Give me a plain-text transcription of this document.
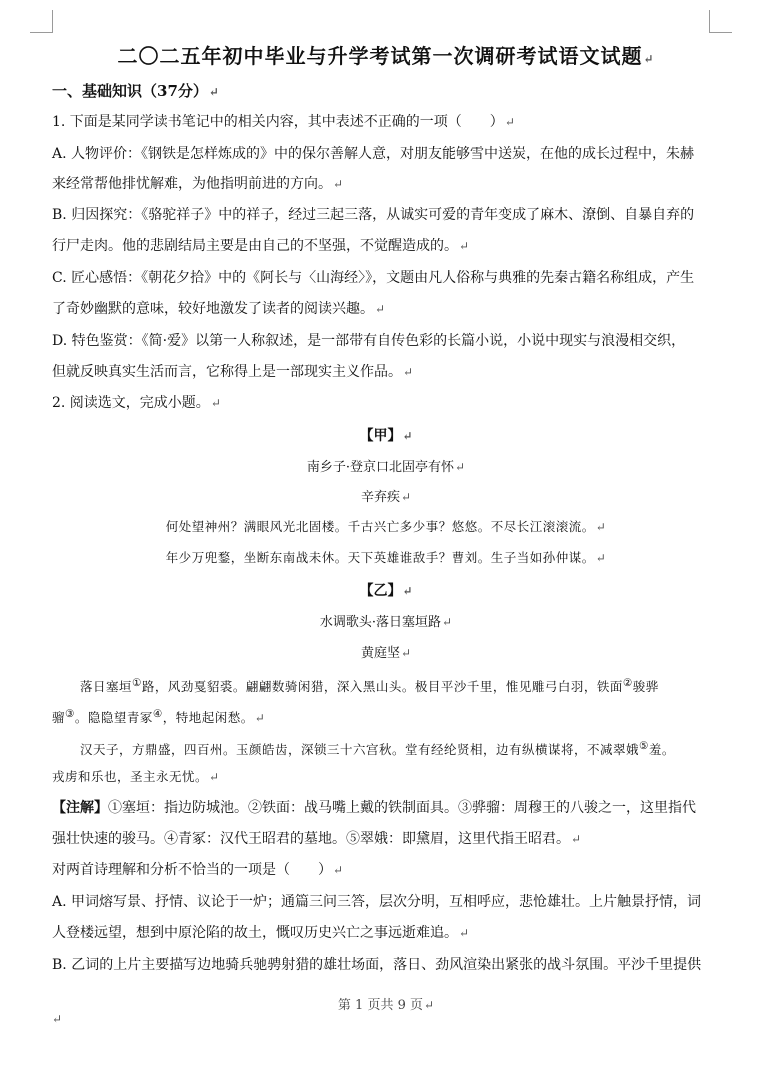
二〇二五年初中毕业与升学考试第一次调研考试语文试题↵
一、基础知识（37分）↵
1. 下面是某同学读书笔记中的相关内容，其中表述不正确的一项（　　）↵
A. 人物评价：《钢铁是怎样炼成的》中的保尔善解人意，对朋友能够雪中送炭，在他的成长过程中，朱赫
来经常帮他排忧解难，为他指明前进的方向。↵
B. 归因探究：《骆驼祥子》中的祥子，经过三起三落，从诚实可爱的青年变成了麻木、潦倒、自暴自弃的
行尸走肉。他的悲剧结局主要是由自己的不坚强，不觉醒造成的。↵
C. 匠心感悟：《朝花夕拾》中的《阿长与〈山海经〉》，文题由凡人俗称与典雅的先秦古籍名称组成，产生
了奇妙幽默的意味，较好地激发了读者的阅读兴趣。↵
D. 特色鉴赏：《简·爱》以第一人称叙述，是一部带有自传色彩的长篇小说，小说中现实与浪漫相交织，
但就反映真实生活而言，它称得上是一部现实主义作品。↵
2. 阅读选文，完成小题。↵
【甲】↵
南乡子·登京口北固亭有怀↵
辛弃疾↵
何处望神州？满眼风光北固楼。千古兴亡多少事？悠悠。不尽长江滚滚流。↵
年少万兜鍪，坐断东南战未休。天下英雄谁敌手？曹刘。生子当如孙仲谋。↵
【乙】↵
水调歌头·落日塞垣路↵
黄庭坚↵
落日塞垣①路，风劲戛貂裘。翩翩数骑闲猎，深入黑山头。极目平沙千里，惟见雕弓白羽，铁面②骏骅
骝③。隐隐望青冢④，特地起闲愁。↵
汉天子，方鼎盛，四百州。玉颜皓齿，深锁三十六宫秋。堂有经纶贤相，边有纵横谋将，不减翠娥⑤羞。
戎虏和乐也，圣主永无忧。↵
【注解】①塞垣：指边防城池。②铁面：战马嘴上戴的铁制面具。③骅骝：周穆王的八骏之一，这里指代
强壮快速的骏马。④青冢：汉代王昭君的墓地。⑤翠娥：即黛眉，这里代指王昭君。↵
对两首诗理解和分析不恰当的一项是（　　）↵
A. 甲词熔写景、抒情、议论于一炉；通篇三问三答，层次分明，互相呼应，悲怆雄壮。上片触景抒情，词
人登楼远望，想到中原沦陷的故土，慨叹历史兴亡之事远逝难追。↵
B. 乙词的上片主要描写边地骑兵驰骋射猎的雄壮场面，落日、劲风渲染出紧张的战斗氛围。平沙千里提供
第 1 页共 9 页↵
↵
